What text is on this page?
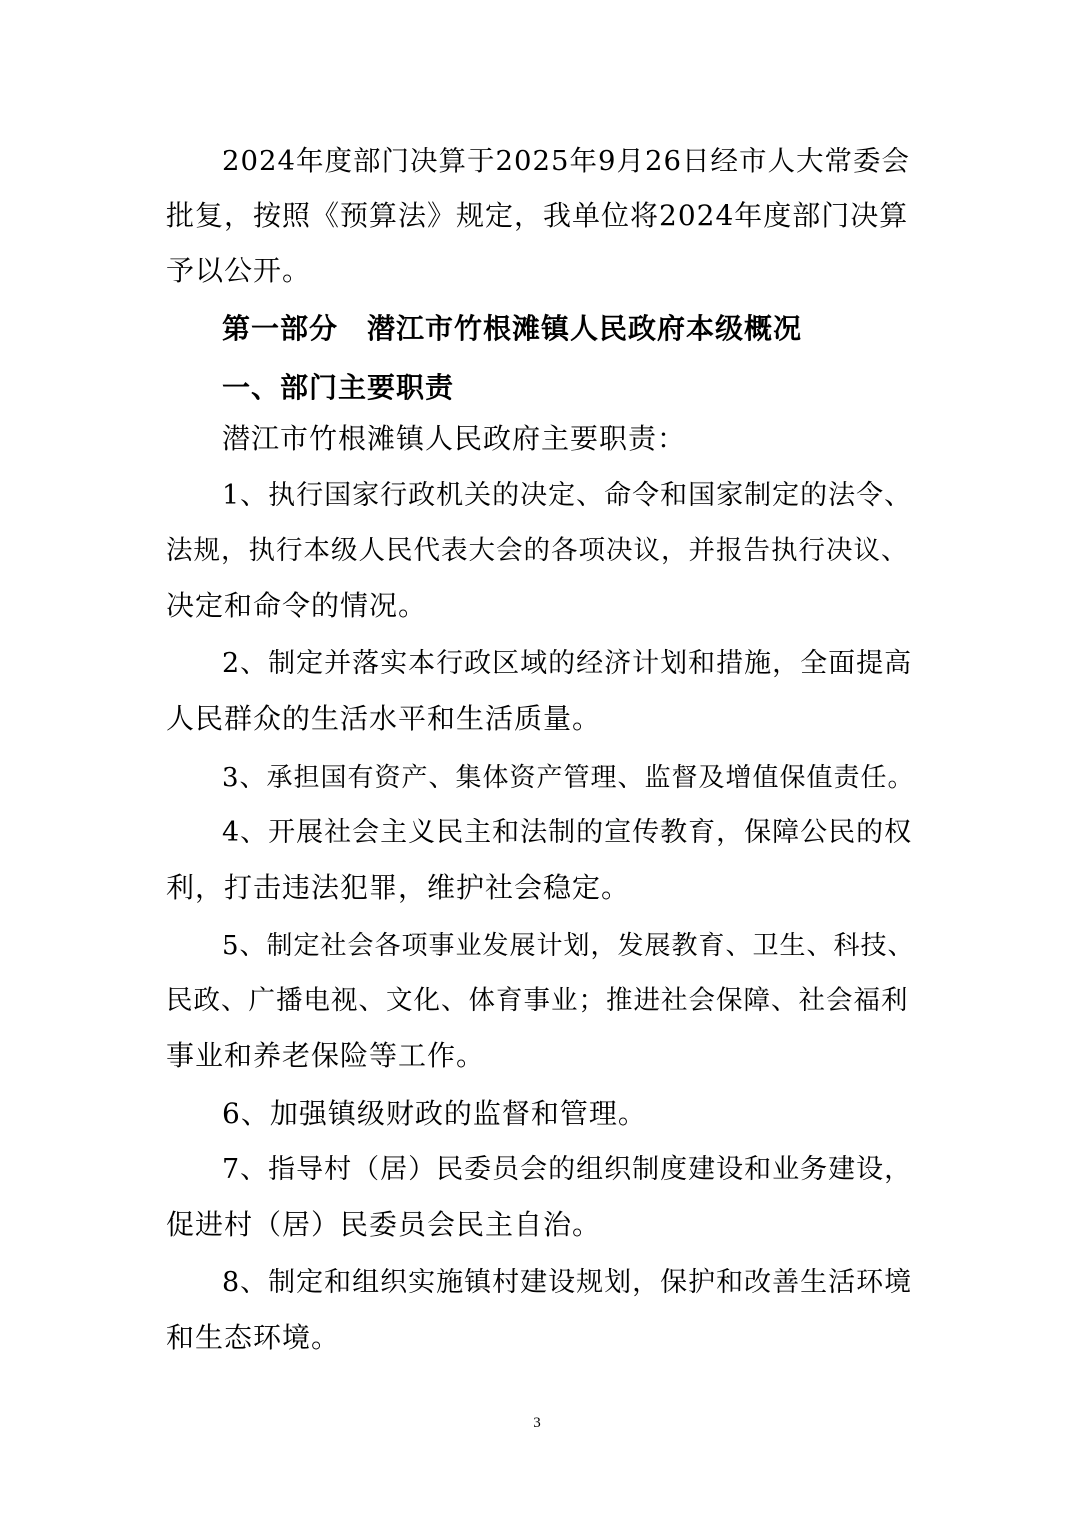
2024年度部门决算于2025年9月26日经市人大常委会
批复，按照《预算法》规定，我单位将2024年度部门决算
予以公开。
第一部分　潜江市竹根滩镇人民政府本级概况
一、部门主要职责
潜江市竹根滩镇人民政府主要职责：
1、执行国家行政机关的决定、命令和国家制定的法令、
法规，执行本级人民代表大会的各项决议，并报告执行决议、
决定和命令的情况。
2、制定并落实本行政区域的经济计划和措施，全面提高
人民群众的生活水平和生活质量。
3、承担国有资产、集体资产管理、监督及增值保值责任。
4、开展社会主义民主和法制的宣传教育，保障公民的权
利，打击违法犯罪，维护社会稳定。
5、制定社会各项事业发展计划，发展教育、卫生、科技、
民政、广播电视、文化、体育事业；推进社会保障、社会福利
事业和养老保险等工作。
6、加强镇级财政的监督和管理。
7、指导村（居）民委员会的组织制度建设和业务建设，
促进村（居）民委员会民主自治。
8、制定和组织实施镇村建设规划，保护和改善生活环境
和生态环境。
3
